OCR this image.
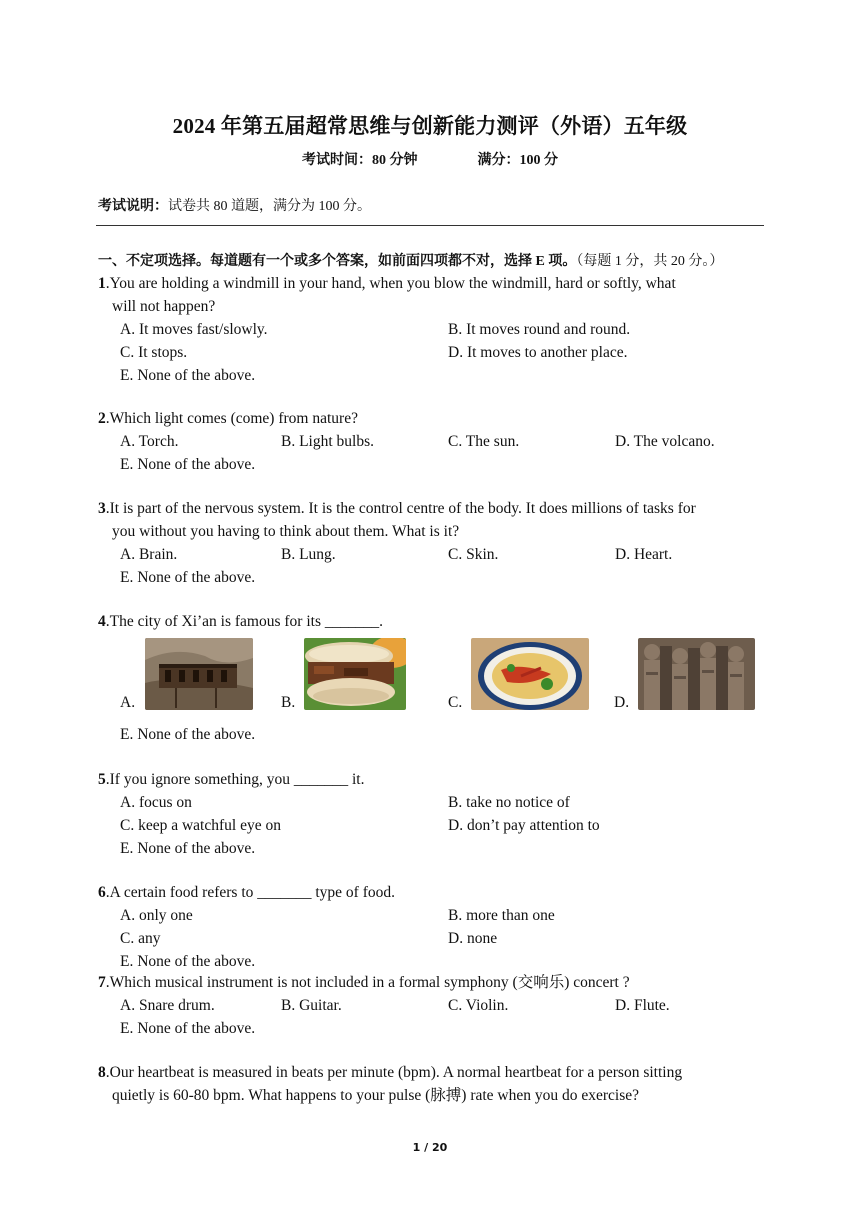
2024 年第五届超常思维与创新能力测评（外语）五年级
考试时间：80 分钟	满分：100 分
考试说明：试卷共 80 道题，满分为 100 分。
一、不定项选择。每道题有一个或多个答案，如前面四项都不对，选择 E 项。（每题 1 分，共 20 分。）
1.You are holding a windmill in your hand, when you blow the windmill, hard or softly, what
will not happen?
A. It moves fast/slowly.	B. It moves round and round.
C. It stops.	D. It moves to another place.
E. None of the above.
2.Which light comes (come) from nature?
A. Torch.	B. Light bulbs.	C. The sun.	D. The volcano.
E. None of the above.
3.It is part of the nervous system. It is the control centre of the body. It does millions of tasks for
you without you having to think about them. What is it?
A. Brain.	B. Lung.	C. Skin.	D. Heart.
E. None of the above.
4.The city of Xi’an is famous for its _______.
A.	B.	C.	D.
E. None of the above.
5.If you ignore something, you _______ it.
A. focus on	B. take no notice of
C. keep a watchful eye on	D. don’t pay attention to
E. None of the above.
6.A certain food refers to _______ type of food.
A. only one	B. more than one
C. any	D. none
E. None of the above.
7.Which musical instrument is not included in a formal symphony (交响乐) concert ?
A. Snare drum.	B. Guitar.	C. Violin.	D. Flute.
E. None of the above.
8.Our heartbeat is measured in beats per minute (bpm). A normal heartbeat for a person sitting
quietly is 60-80 bpm. What happens to your pulse (脉搏) rate when you do exercise?
1 / 20
